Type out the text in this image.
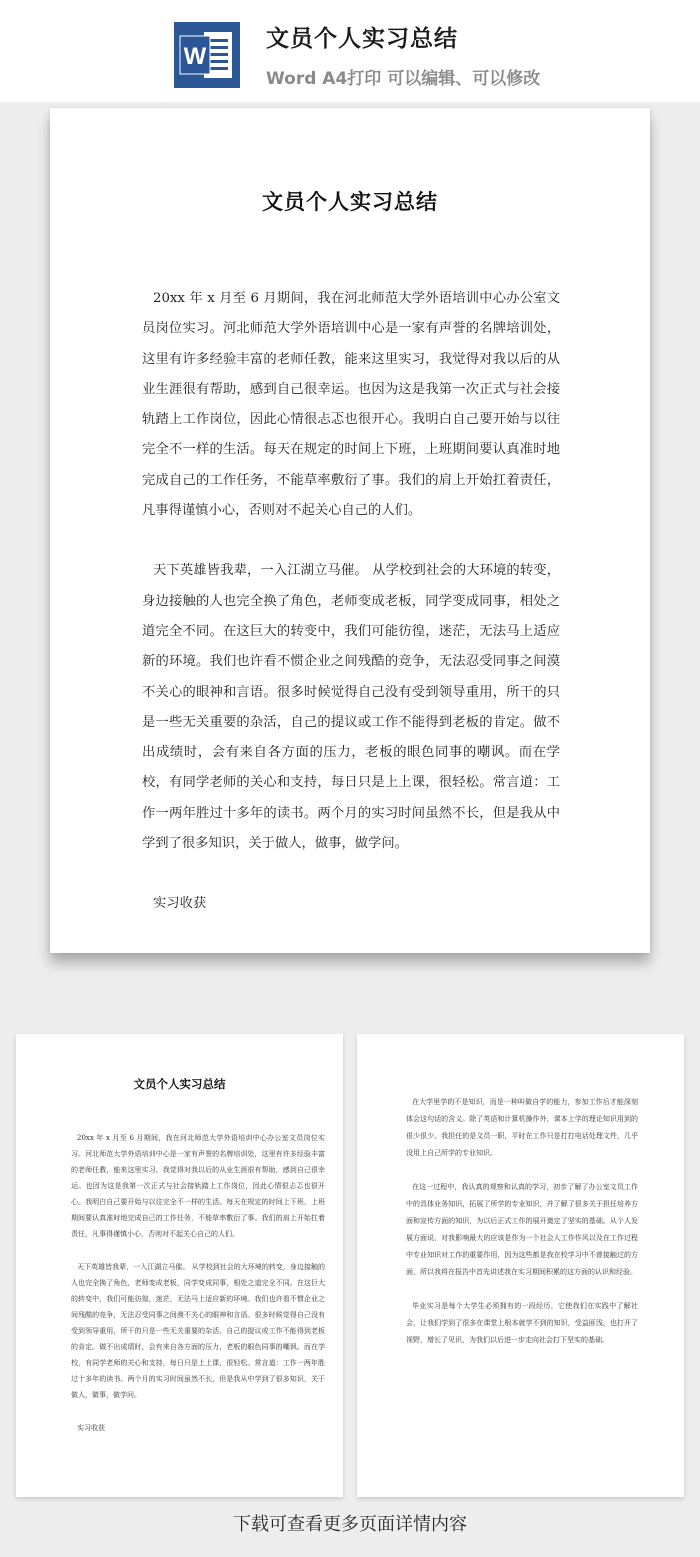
W
文员个人实习总结
Word A4打印 可以编辑、可以修改
文员个人实习总结

20xx 年 x 月至 6 月期间，我在河北师范大学外语培训中心办公室文员岗位实习。河北师范大学外语培训中心是一家有声誉的名牌培训处，这里有许多经验丰富的老师任教，能来这里实习，我觉得对我以后的从业生涯很有帮助，感到自己很幸运。也因为这是我第一次正式与社会接轨踏上工作岗位，因此心情很忐忑也很开心。我明白自己要开始与以往完全不一样的生活。每天在规定的时间上下班，上班期间要认真准时地完成自己的工作任务，不能草率敷衍了事。我们的肩上开始扛着责任，凡事得谨慎小心，否则对不起关心自己的人们。

天下英雄皆我辈，一入江湖立马催。 从学校到社会的大环境的转变，身边接触的人也完全换了角色，老师变成老板，同学变成同事，相处之道完全不同。在这巨大的转变中，我们可能彷徨，迷茫，无法马上适应新的环境。我们也许看不惯企业之间残酷的竞争，无法忍受同事之间漠不关心的眼神和言语。很多时候觉得自己没有受到领导重用，所干的只是一些无关重要的杂活，自己的提议或工作不能得到老板的肯定。做不出成绩时，会有来自各方面的压力，老板的眼色同事的嘲讽。而在学校，有同学老师的关心和支持，每日只是上上课，很轻松。常言道：工作一两年胜过十多年的读书。两个月的实习时间虽然不长，但是我从中学到了很多知识，关于做人，做事，做学问。

实习收获

文员个人实习总结

20xx 年 x 月至 6 月期间，我在河北师范大学外语培训中心办公室文员岗位实习。河北师范大学外语培训中心是一家有声誉的名牌培训处，这里有许多经验丰富的老师任教，能来这里实习，我觉得对我以后的从业生涯很有帮助，感到自己很幸运。也因为这是我第一次正式与社会接轨踏上工作岗位，因此心情很忐忑也很开心。我明白自己要开始与以往完全不一样的生活。每天在规定的时间上下班，上班期间要认真准时地完成自己的工作任务，不能草率敷衍了事。我们的肩上开始扛着责任，凡事得谨慎小心，否则对不起关心自己的人们。

天下英雄皆我辈，一入江湖立马催。 从学校到社会的大环境的转变，身边接触的人也完全换了角色，老师变成老板，同学变成同事，相处之道完全不同。在这巨大的转变中，我们可能彷徨，迷茫，无法马上适应新的环境。我们也许看不惯企业之间残酷的竞争，无法忍受同事之间漠不关心的眼神和言语。很多时候觉得自己没有受到领导重用，所干的只是一些无关重要的杂活，自己的提议或工作不能得到老板的肯定。做不出成绩时，会有来自各方面的压力，老板的眼色同事的嘲讽。而在学校，有同学老师的关心和支持，每日只是上上课，很轻松。常言道：工作一两年胜过十多年的读书。两个月的实习时间虽然不长，但是我从中学到了很多知识，关于做人，做事，做学问。

实习收获

在大学里学的不是知识，而是一种叫做自学的能力，参加工作后才能深刻体会这句话的含义。除了英语和计算机操作外，课本上学的理论知识用到的很少很少。我担任的是文员一职，平时在工作只是打打电话处理文件，几乎没用上自己所学的专业知识。

在这一过程中，我认真的观察和认真的学习，初步了解了办公室文员工作中的具体业务知识，拓展了所学的专业知识，并了解了很多关于担任培养方面和宣传方面的知识，为以后正式工作的展开奠定了坚实的基础。从个人发展方面说，对我影响最大的应该是作为一个社会人工作作风以及在工作过程中专业知识对工作的重要作用，因为这些都是我在校学习中不曾接触过的方面，所以我将在报告中首先讲述我在实习期间积累的这方面的认识和经验。

毕业实习是每个大学生必须拥有的一段经历，它使我们在实践中了解社会，让我们学到了很多在课堂上根本就学不到的知识，受益匪浅，也打开了视野，增长了见识，为我们以后进一步走向社会打下坚实的基础。

下载可查看更多页面详情内容
